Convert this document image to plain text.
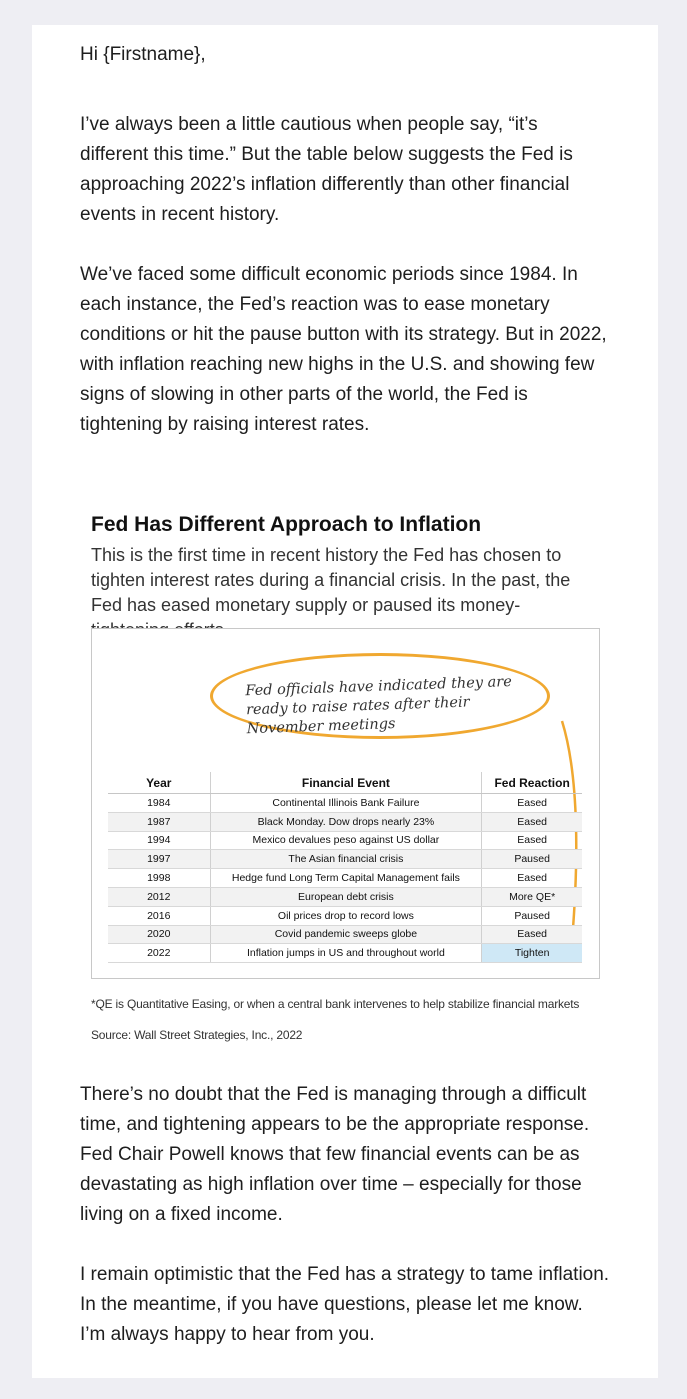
Hi {Firstname},

I’ve always been a little cautious when people say, “it’s different this time.” But the table below suggests the Fed is approaching 2022’s inflation differently than other financial events in recent history.

We’ve faced some difficult economic periods since 1984. In each instance, the Fed’s reaction was to ease monetary conditions or hit the pause button with its strategy. But in 2022, with inflation reaching new highs in the U.S. and showing few signs of slowing in other parts of the world, the Fed is tightening by raising interest rates.

Fed Has Different Approach to Inflation

This is the first time in recent history the Fed has chosen to tighten interest rates during a financial crisis. In the past, the Fed has eased monetary supply or paused its money-

Fed officials have indicated they are ready to raise rates after their November meetings
Year	Financial Event	Fed Reaction
1984	Continental Illinois Bank Failure	Eased
1987	Black Monday. Dow drops nearly 23%	Eased
1994	Mexico devalues peso against US dollar	Eased
1997	The Asian financial crisis	Paused
1998	Hedge fund Long Term Capital Management fails	Eased
2012	European debt crisis	More QE*
2016	Oil prices drop to record lows	Paused
2020	Covid pandemic sweeps globe	Eased
2022	Inflation jumps in US and throughout world	Tighten

*QE is Quantitative Easing, or when a central bank intervenes to help stabilize financial markets

Source: Wall Street Strategies, Inc., 2022

There’s no doubt that the Fed is managing through a difficult time, and tightening appears to be the appropriate response. Fed Chair Powell knows that few financial events can be as devastating as high inflation over time – especially for those living on a fixed income.

I remain optimistic that the Fed has a strategy to tame inflation. In the meantime, if you have questions, please let me know. I’m always happy to hear from you.
